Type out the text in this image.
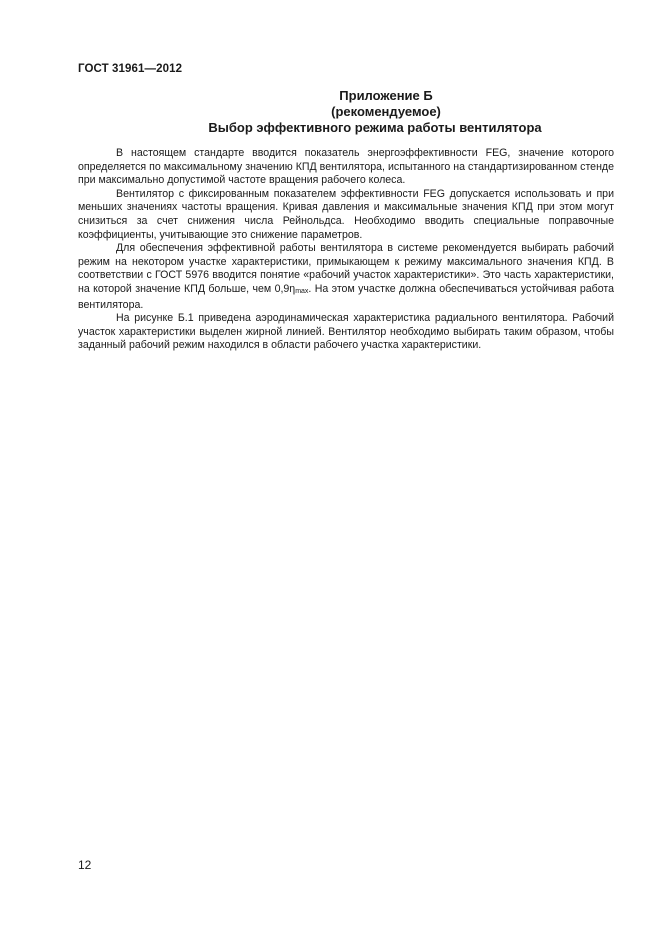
ГОСТ 31961—2012
Приложение Б
(рекомендуемое)
Выбор эффективного режима работы вентилятора

В настоящем стандарте вводится показатель энергоэффективности FEG, значение которого определяется по максимальному значению КПД вентилятора, испытанного на стандартизированном стенде при максимально допустимой частоте вращения рабочего колеса.

Вентилятор с фиксированным показателем эффективности FEG допускается использовать и при меньших значениях частоты вращения. Кривая давления и максимальные значения КПД при этом могут снизиться за счет снижения числа Рейнольдса. Необходимо вводить специальные поправочные коэффициенты, учитывающие это снижение параметров.

Для обеспечения эффективной работы вентилятора в системе рекомендуется выбирать рабочий режим на некотором участке характеристики, примыкающем к режиму максимального значения КПД. В соответствии с ГОСТ 5976 вводится понятие «рабочий участок характеристики». Это часть характеристики, на которой значение КПД больше, чем 0,9ηmax. На этом участке должна обеспечиваться устойчивая работа вентилятора.

На рисунке Б.1 приведена аэродинамическая характеристика радиального вентилятора. Рабочий участок характеристики выделен жирной линией. Вентилятор необходимо выбирать таким образом, чтобы заданный рабочий режим находился в области рабочего участка характеристики.

12
